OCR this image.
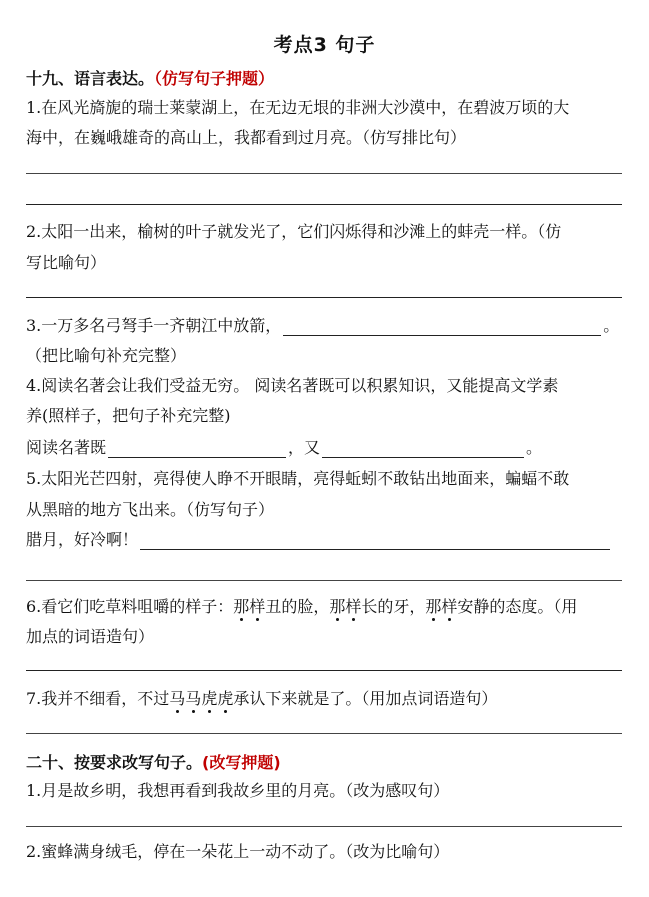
考点3 句子
十九、语言表达。（仿写句子押题）
1.在风光旖旎的瑞士莱蒙湖上，在无边无垠的非洲大沙漠中，在碧波万顷的大
海中，在巍峨雄奇的高山上，我都看到过月亮。（仿写排比句）
2.太阳一出来，榆树的叶子就发光了，它们闪烁得和沙滩上的蚌壳一样。（仿
写比喻句）
3.一万多名弓弩手一齐朝江中放箭，	。
（把比喻句补充完整）
4.阅读名著会让我们受益无穷。 阅读名著既可以积累知识，又能提高文学素
养(照样子，把句子补充完整)
阅读名著既	，又	。
5.太阳光芒四射，亮得使人睁不开眼睛，亮得蚯蚓不敢钻出地面来，蝙蝠不敢
从黑暗的地方飞出来。（仿写句子）
腊月，好冷啊！
6.看它们吃草料咀嚼的样子：那样丑的脸，那样长的牙，那样安静的态度。（用
加点的词语造句）
7.我并不细看，不过马马虎虎承认下来就是了。（用加点词语造句）
二十、按要求改写句子。(改写押题)
1.月是故乡明，我想再看到我故乡里的月亮。（改为感叹句）
2.蜜蜂满身绒毛，停在一朵花上一动不动了。（改为比喻句）
